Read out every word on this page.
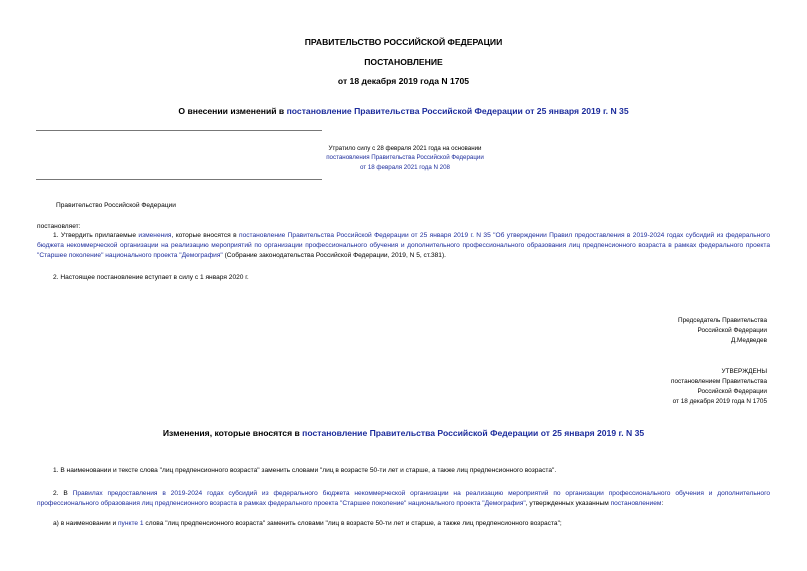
ПРАВИТЕЛЬСТВО РОССИЙСКОЙ ФЕДЕРАЦИИ
ПОСТАНОВЛЕНИЕ
от 18 декабря 2019 года N 1705
О внесении изменений в постановление Правительства Российской Федерации от 25 января 2019 г. N 35
Утратило силу с 28 февраля 2021 года на основании
постановления Правительства Российской Федерации
от 18 февраля 2021 года N 208
Правительство Российской Федерации
постановляет:
1. Утвердить прилагаемые изменения, которые вносятся в постановление Правительства Российской Федерации от 25 января 2019 г. N 35 "Об утверждении Правил предоставления в 2019-2024 годах субсидий из федерального бюджета некоммерческой организации на реализацию мероприятий по организации профессионального обучения и дополнительного профессионального образования лиц предпенсионного возраста в рамках федерального проекта "Старшее поколение" национального проекта "Демография" (Собрание законодательства Российской Федерации, 2019, N 5, ст.381).
2. Настоящее постановление вступает в силу с 1 января 2020 г.
Председатель Правительства
Российской Федерации
Д.Медведев
УТВЕРЖДЕНЫ
постановлением Правительства
Российской Федерации
от 18 декабря 2019 года N 1705
Изменения, которые вносятся в постановление Правительства Российской Федерации от 25 января 2019 г. N 35
1. В наименовании и тексте слова "лиц предпенсионного возраста" заменить словами "лиц в возрасте 50-ти лет и старше, а также лиц предпенсионного возраста".
2. В Правилах предоставления в 2019-2024 годах субсидий из федерального бюджета некоммерческой организации на реализацию мероприятий по организации профессионального обучения и дополнительного профессионального образования лиц предпенсионного возраста в рамках федерального проекта "Старшее поколение" национального проекта "Демография", утвержденных указанным постановлением:
а) в наименовании и пункте 1 слова "лиц предпенсионного возраста" заменить словами "лиц в возрасте 50-ти лет и старше, а также лиц предпенсионного возраста";
